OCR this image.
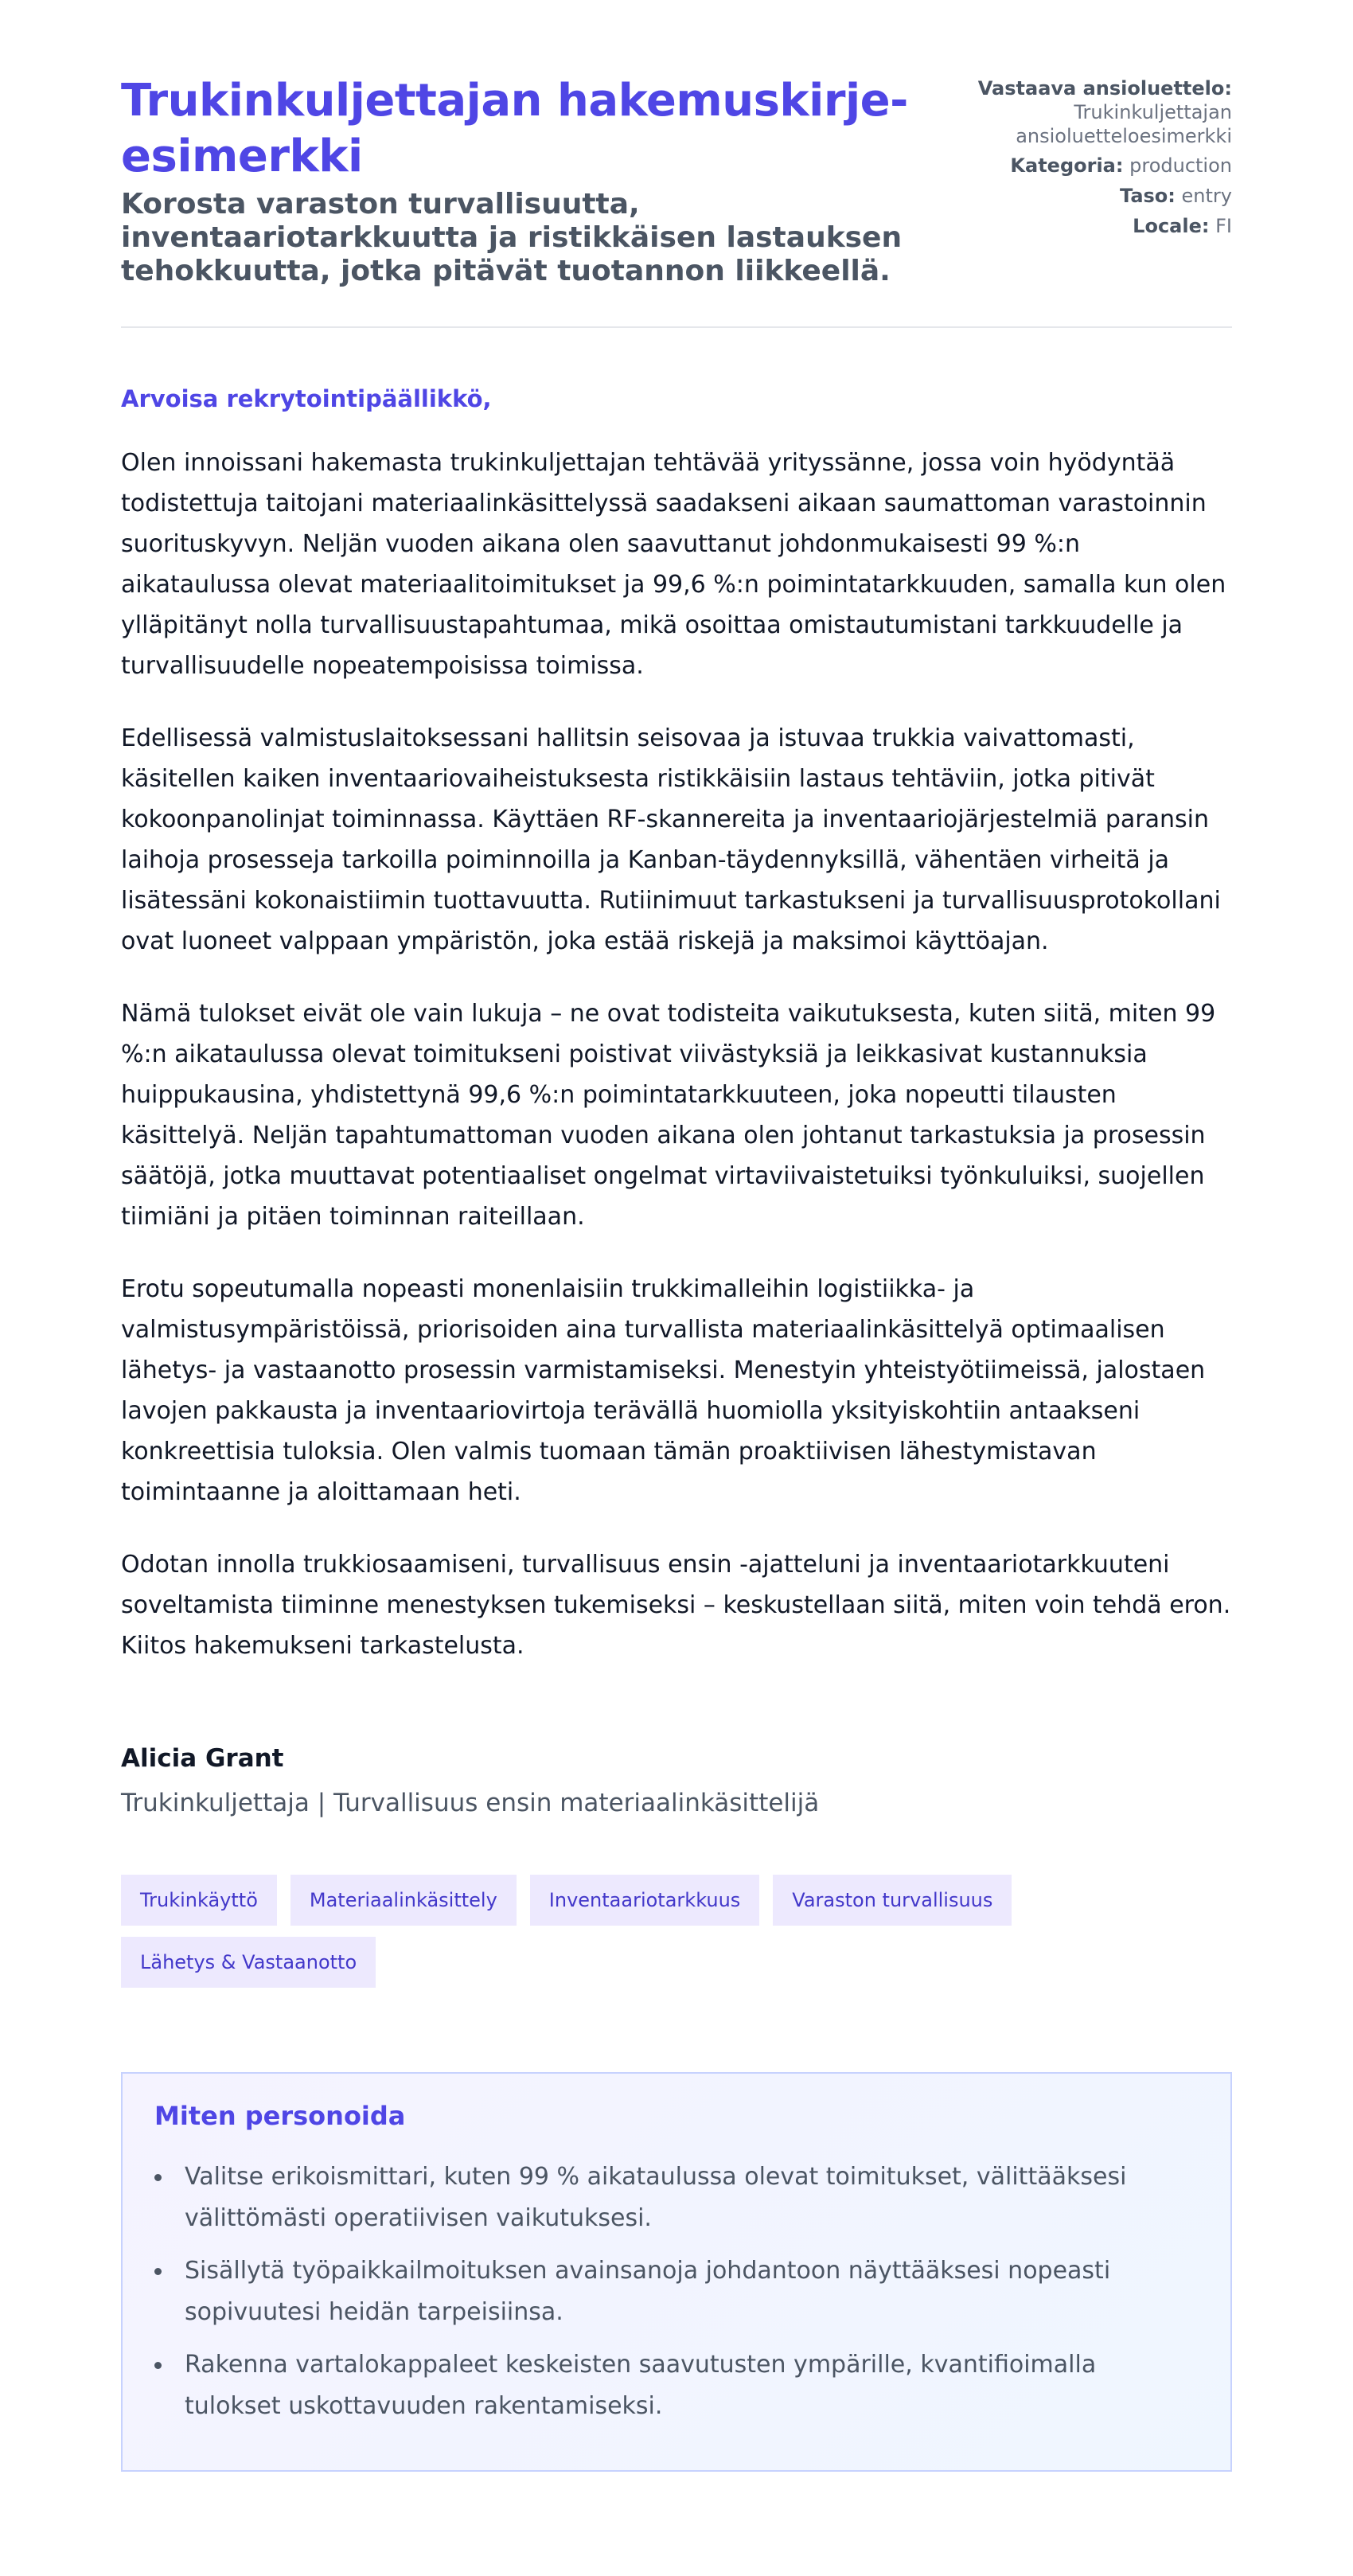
Trukinkuljettajan hakemuskirje-esimerkki
Korosta varaston turvallisuutta, inventaariotarkkuutta ja ristikkäisen lastauksen tehokkuutta, jotka pitävät tuotannon liikkeellä.
Vastaava ansioluettelo:
Trukinkuljettajan ansioluetteloesimerkki
Kategoria: production
Taso: entry
Locale: FI

Arvoisa rekrytointipäällikkö,

Olen innoissani hakemasta trukinkuljettajan tehtävää yrityssänne, jossa voin hyödyntää todistettuja taitojani materiaalinkäsittelyssä saadakseni aikaan saumattoman varastoinnin suorituskyvyn. Neljän vuoden aikana olen saavuttanut johdonmukaisesti 99 %:n aikataulussa olevat materiaalitoimitukset ja 99,6 %:n poimintatarkkuuden, samalla kun olen ylläpitänyt nolla turvallisuustapahtumaa, mikä osoittaa omistautumistani tarkkuudelle ja turvallisuudelle nopeatempoisissa toimissa.

Edellisessä valmistuslaitoksessani hallitsin seisovaa ja istuvaa trukkia vaivattomasti, käsitellen kaiken inventaariovaiheistuksesta ristikkäisiin lastaus tehtäviin, jotka pitivät kokoonpanolinjat toiminnassa. Käyttäen RF-skannereita ja inventaariojärjestelmiä paransin laihoja prosesseja tarkoilla poiminnoilla ja Kanban-täydennyksillä, vähentäen virheitä ja lisätessäni kokonaistiimin tuottavuutta. Rutiinimuut tarkastukseni ja turvallisuusprotokollani ovat luoneet valppaan ympäristön, joka estää riskejä ja maksimoi käyttöajan.

Nämä tulokset eivät ole vain lukuja – ne ovat todisteita vaikutuksesta, kuten siitä, miten 99 %:n aikataulussa olevat toimitukseni poistivat viivästyksiä ja leikkasivat kustannuksia huippukausina, yhdistettynä 99,6 %:n poimintatarkkuuteen, joka nopeutti tilausten käsittelyä. Neljän tapahtumattoman vuoden aikana olen johtanut tarkastuksia ja prosessin säätöjä, jotka muuttavat potentiaaliset ongelmat virtaviivaistetuiksi työnkuluiksi, suojellen tiimiäni ja pitäen toiminnan raiteillaan.

Erotu sopeutumalla nopeasti monenlaisiin trukkimalleihin logistiikka- ja valmistusympäristöissä, priorisoiden aina turvallista materiaalinkäsittelyä optimaalisen lähetys- ja vastaanotto prosessin varmistamiseksi. Menestyin yhteistyötiimeissä, jalostaen lavojen pakkausta ja inventaariovirtoja terävällä huomiolla yksityiskohtiin antaakseni konkreettisia tuloksia. Olen valmis tuomaan tämän proaktiivisen lähestymistavan toimintaanne ja aloittamaan heti.

Odotan innolla trukkiosaamiseni, turvallisuus ensin -ajatteluni ja inventaariotarkkuuteni soveltamista tiiminne menestyksen tukemiseksi – keskustellaan siitä, miten voin tehdä eron. Kiitos hakemukseni tarkastelusta.

Alicia Grant
Trukinkuljettaja | Turvallisuus ensin materiaalinkäsittelijä
Trukinkäyttö	Materiaalinkäsittely	Inventaariotarkkuus	Varaston turvallisuus
Lähetys & Vastaanotto
Miten personoida
Valitse erikoismittari, kuten 99 % aikataulussa olevat toimitukset, välittääksesi välittömästi operatiivisen vaikutuksesi.
Sisällytä työpaikkailmoituksen avainsanoja johdantoon näyttääksesi nopeasti sopivuutesi heidän tarpeisiinsa.
Rakenna vartalokappaleet keskeisten saavutusten ympärille, kvantifioimalla tulokset uskottavuuden rakentamiseksi.
